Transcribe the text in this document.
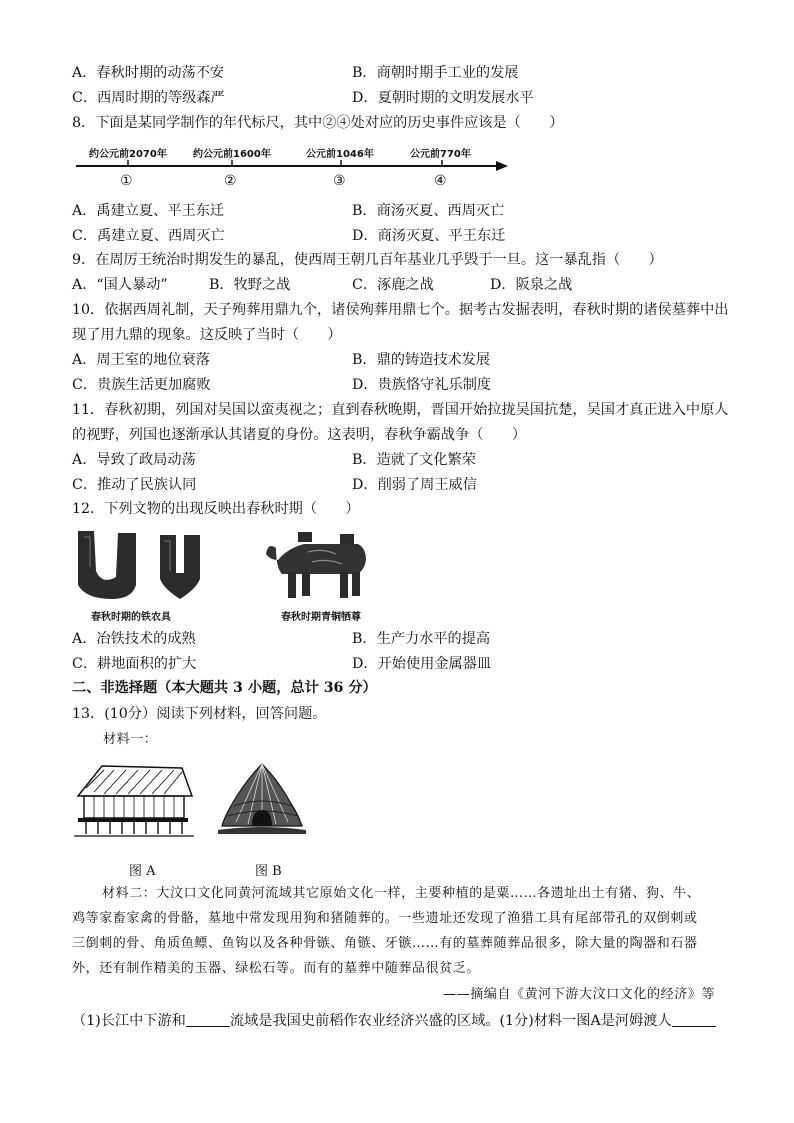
A．春秋时期的动荡不安	B．商朝时期手工业的发展
C．西周时期的等级森严	D．夏朝时期的文明发展水平
8．下面是某同学制作的年代标尺，其中②④处对应的历史事件应该是（　　）
约公元前2070年	约公元前1600年	公元前1046年	公元前770年
①	②	③	④
A．禹建立夏、平王东迁	B．商汤灭夏、西周灭亡
C．禹建立夏、西周灭亡	D．商汤灭夏、平王东迁
9．在周厉王统治时期发生的暴乱，使西周王朝几百年基业几乎毁于一旦。这一暴乱指（　　）
A．“国人暴动”	B．牧野之战	C．涿鹿之战	D．阪泉之战
10．依据西周礼制，天子殉葬用鼎九个，诸侯殉葬用鼎七个。据考古发掘表明，春秋时期的诸侯墓葬中出
现了用九鼎的现象。这反映了当时（　　）
A．周王室的地位衰落	B．鼎的铸造技术发展
C．贵族生活更加腐败	D．贵族恪守礼乐制度
11．春秋初期，列国对吴国以蛮夷视之；直到春秋晚期，晋国开始拉拢吴国抗楚，吴国才真正进入中原人
的视野，列国也逐渐承认其诸夏的身份。这表明，春秋争霸战争（　　）
A．导致了政局动荡	B．造就了文化繁荣
C．推动了民族认同	D．削弱了周王威信
12．下列文物的出现反映出春秋时期（　　）
春秋时期的铁农具	春秋时期青铜牺尊
A．冶铁技术的成熟	B．生产力水平的提高
C．耕地面积的扩大	D．开始使用金属器皿
二、非选择题（本大题共 3 小题，总计 36 分）
13．(10分）阅读下列材料，回答问题。
材料一：
图 A	图 B
材料二：大汶口文化同黄河流域其它原始文化一样，主要种植的是粟……各遗址出土有猪、狗、牛、
鸡等家畜家禽的骨骼，墓地中常发现用狗和猪随葬的。一些遗址还发现了渔猎工具有尾部带孔的双倒刺或
三倒刺的骨、角质鱼鳔、鱼钩以及各种骨镞、角镞、牙镞……有的墓葬随葬品很多，除大量的陶器和石器
外，还有制作精美的玉器、绿松石等。而有的墓葬中随葬品很贫乏。
——摘编自《黄河下游大汶口文化的经济》等
（1)长江中下游和	流域是我国史前稻作农业经济兴盛的区域。(1分)材料一图A是河姆渡人
